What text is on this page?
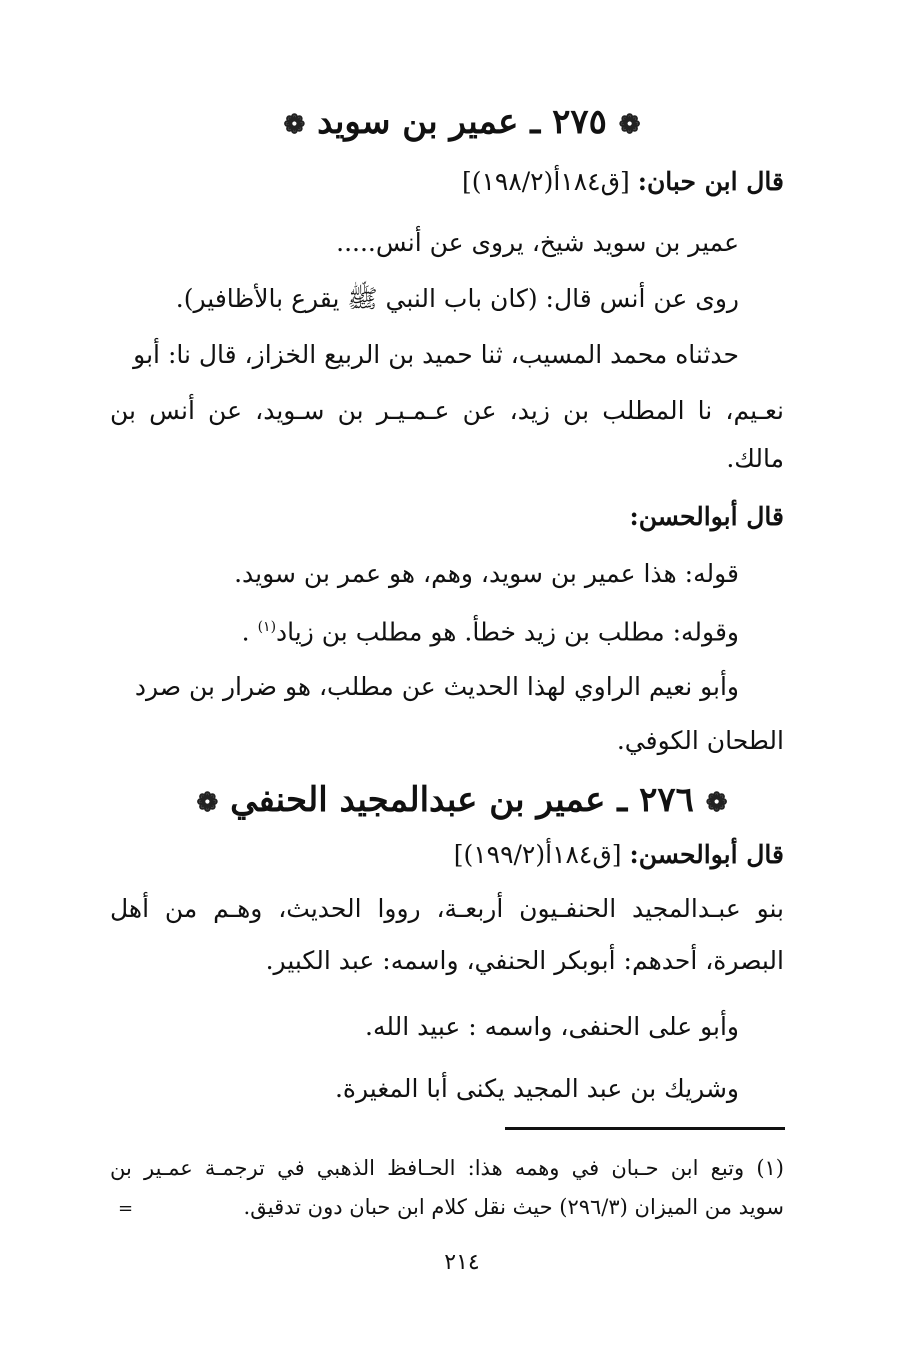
❁ ٢٧٥ ـ عمير بن سويد ❁
قال ابن حبان: [ق١٨٤أ(١٩٨/٢)]
عمير بن سويد شيخ، يروى عن أنس.....
روى عن أنس قال: (كان باب النبي ﷺ يقرع بالأظافير).
حدثناه محمد المسيب، ثنا حميد بن الربيع الخزاز، قال نا: أبو
نعـيم، نا المطلب بن زيد، عن عـمـيـر بن سـويد، عن أنس بن
مالك.
قال أبوالحسن:
قوله: هذا عمير بن سويد، وهم، هو عمر بن سويد.
وقوله: مطلب بن زيد خطأ. هو مطلب بن زياد$^{(١)}$ .
وأبو نعيم الراوي لهذا الحديث عن مطلب، هو ضرار بن صرد
الطحان الكوفي.
❁ ٢٧٦ ـ عمير بن عبدالمجيد الحنفي ❁
قال أبوالحسن: [ق١٨٤أ(١٩٩/٢)]
بنو عبـدالمجيد الحنفـيون أربعـة، رووا الحديث، وهـم من أهل
البصرة، أحدهم: أبوبكر الحنفي، واسمه: عبد الكبير.
وأبو على الحنفى، واسمه : عبيد الله.
وشريك بن عبد المجيد يكنى أبا المغيرة.
(١) وتبع ابن حـبان في وهمه هذا: الحـافظ الذهبي في ترجمـة عمـير بن
سويد من الميزان (٢٩٦/٣) حيث نقل كلام ابن حبان دون تدقيق.
=
٢١٤
